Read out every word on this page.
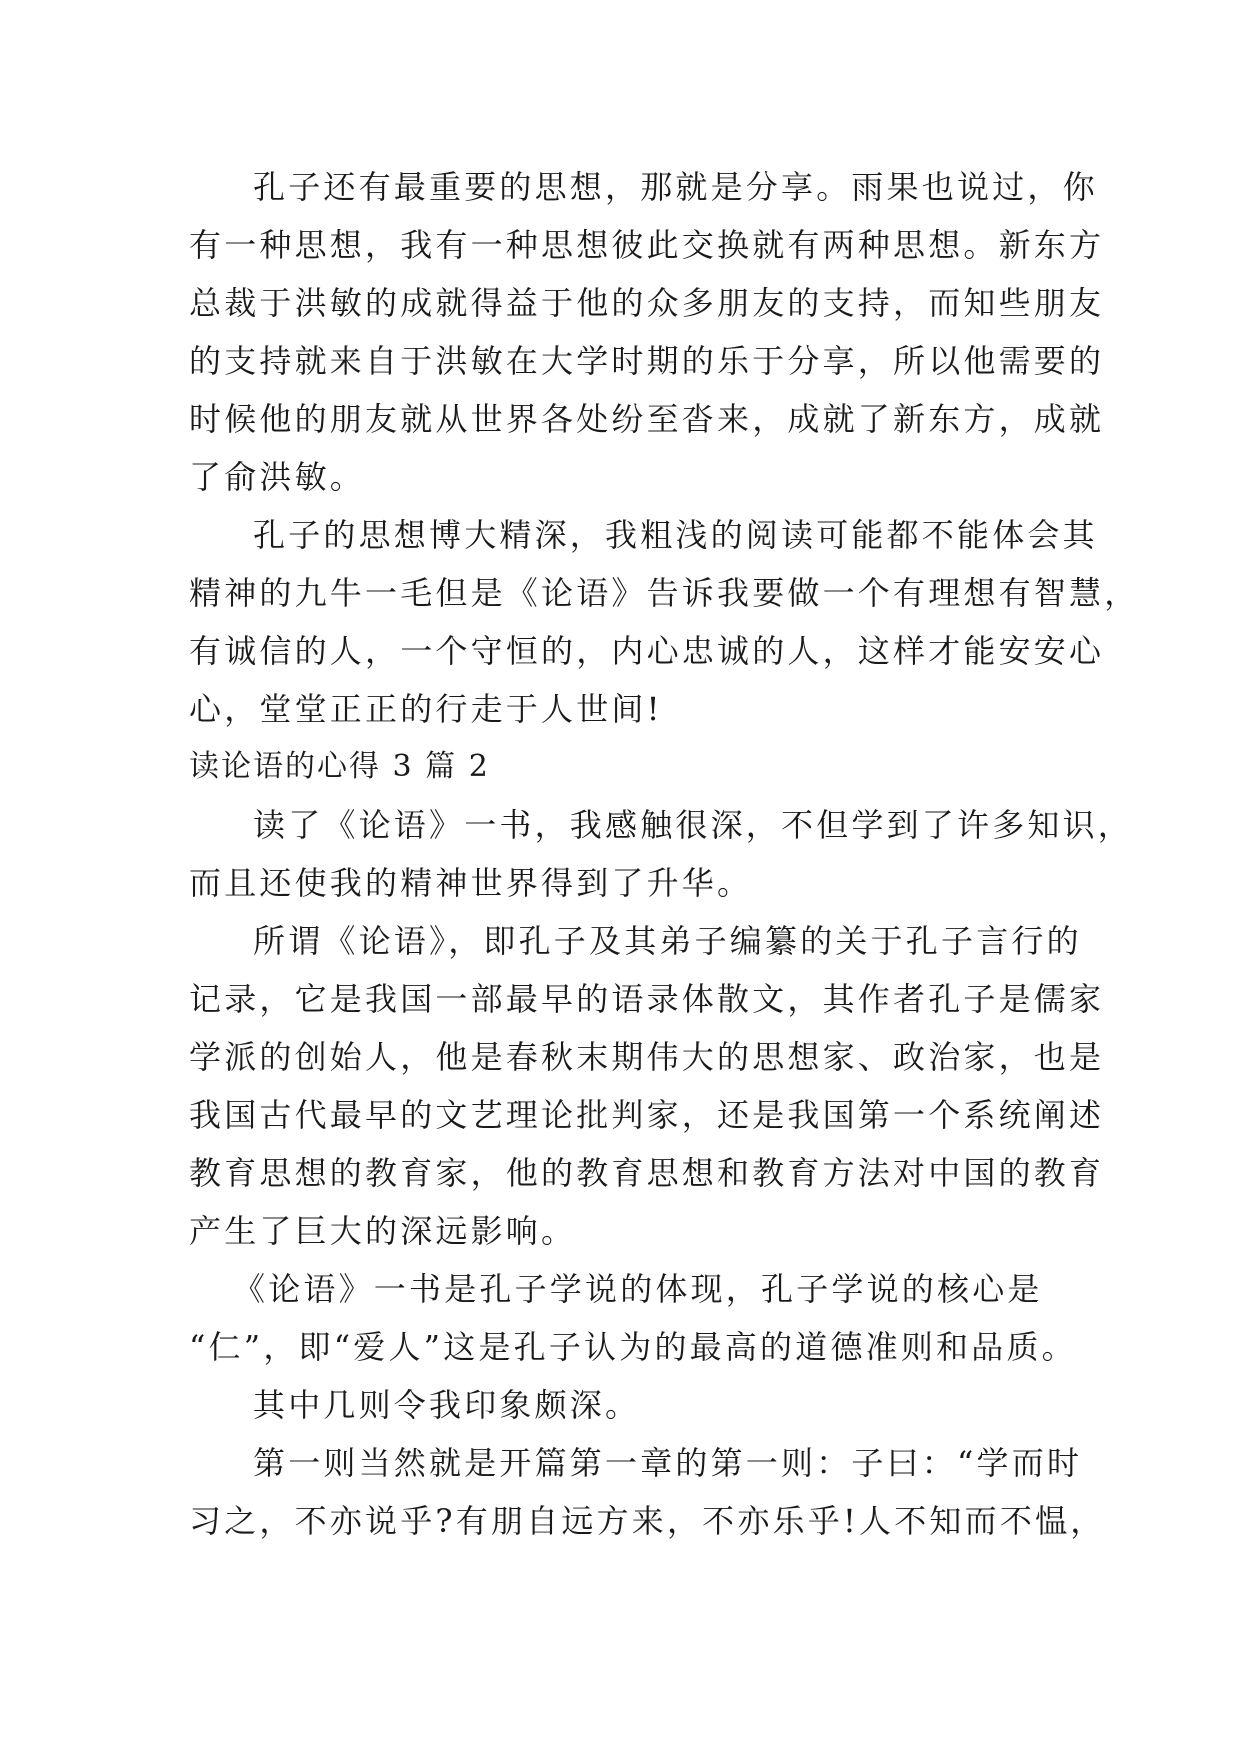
孔子还有最重要的思想，那就是分享。雨果也说过，你
有一种思想，我有一种思想彼此交换就有两种思想。新东方
总裁于洪敏的成就得益于他的众多朋友的支持，而知些朋友
的支持就来自于洪敏在大学时期的乐于分享，所以他需要的
时候他的朋友就从世界各处纷至沓来，成就了新东方，成就
了俞洪敏。
孔子的思想博大精深，我粗浅的阅读可能都不能体会其
精神的九牛一毛但是《论语》告诉我要做一个有理想有智慧，
有诚信的人，一个守恒的，内心忠诚的人，这样才能安安心
心，堂堂正正的行走于人世间!
读论语的心得 3 篇 2
读了《论语》一书，我感触很深，不但学到了许多知识，
而且还使我的精神世界得到了升华。
所谓《论语》，即孔子及其弟子编纂的关于孔子言行的
记录，它是我国一部最早的语录体散文，其作者孔子是儒家
学派的创始人，他是春秋末期伟大的思想家、政治家，也是
我国古代最早的文艺理论批判家，还是我国第一个系统阐述
教育思想的教育家，他的教育思想和教育方法对中国的教育
产生了巨大的深远影响。
《论语》一书是孔子学说的体现，孔子学说的核心是
“仁”，即“爱人”这是孔子认为的最高的道德准则和品质。
其中几则令我印象颇深。
第一则当然就是开篇第一章的第一则：子曰：“学而时
习之，不亦说乎?有朋自远方来，不亦乐乎!人不知而不愠，
